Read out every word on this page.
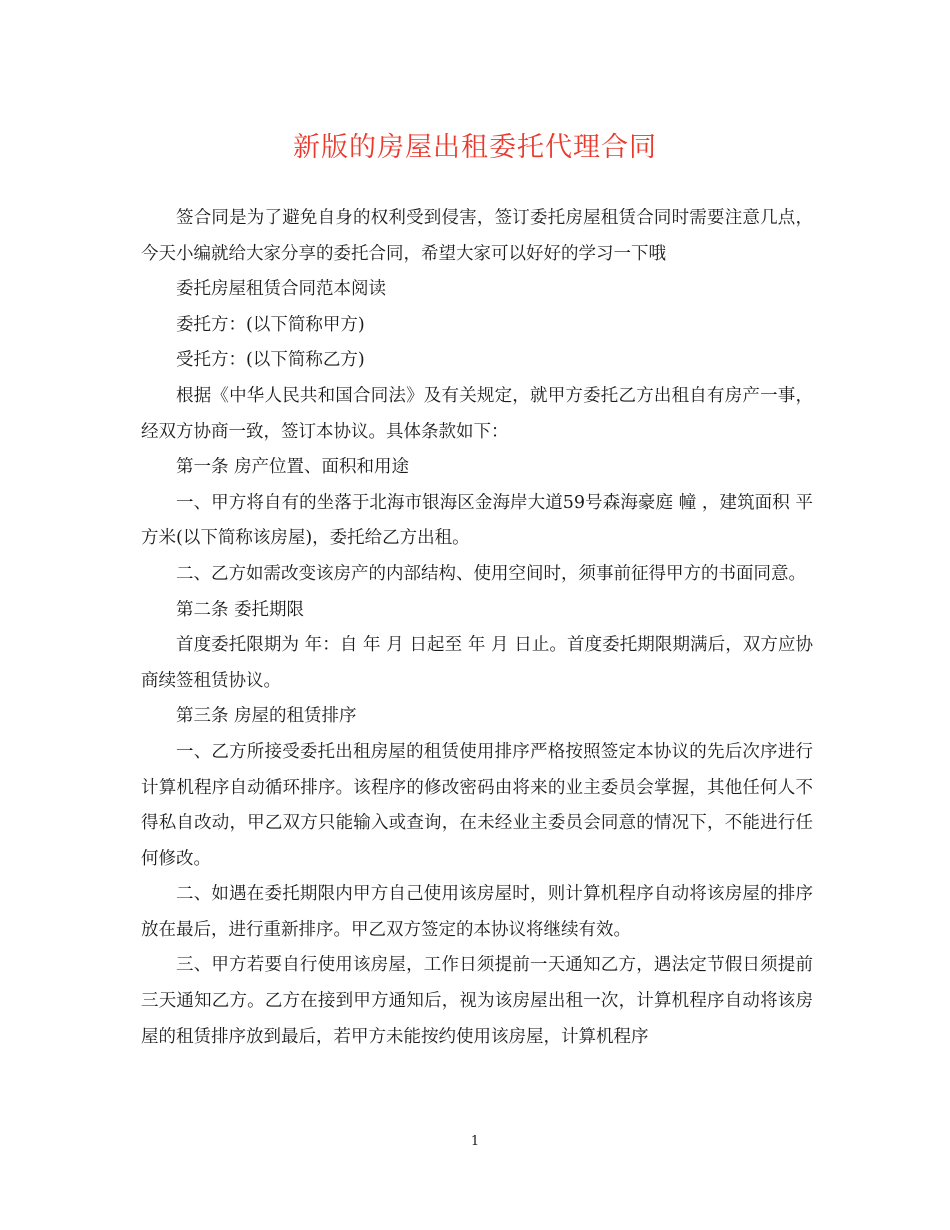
新版的房屋出租委托代理合同

签合同是为了避免自身的权利受到侵害，签订委托房屋租赁合同时需要注意几点，今天小编就给大家分享的委托合同，希望大家可以好好的学习一下哦

委托房屋租赁合同范本阅读

委托方：(以下简称甲方)

受托方：(以下简称乙方)

根据《中华人民共和国合同法》及有关规定，就甲方委托乙方出租自有房产一事，经双方协商一致，签订本协议。具体条款如下：

第一条 房产位置、面积和用途

一、甲方将自有的坐落于北海市银海区金海岸大道59号森海豪庭 幢 ，建筑面积 平方米(以下简称该房屋)，委托给乙方出租。

二、乙方如需改变该房产的内部结构、使用空间时，须事前征得甲方的书面同意。

第二条 委托期限

首度委托限期为 年：自 年 月 日起至 年 月 日止。首度委托期限期满后，双方应协商续签租赁协议。

第三条 房屋的租赁排序

一、乙方所接受委托出租房屋的租赁使用排序严格按照签定本协议的先后次序进行计算机程序自动循环排序。该程序的修改密码由将来的业主委员会掌握，其他任何人不得私自改动，甲乙双方只能输入或查询，在未经业主委员会同意的情况下，不能进行任何修改。

二、如遇在委托期限内甲方自己使用该房屋时，则计算机程序自动将该房屋的排序放在最后，进行重新排序。甲乙双方签定的本协议将继续有效。

三、甲方若要自行使用该房屋，工作日须提前一天通知乙方，遇法定节假日须提前三天通知乙方。乙方在接到甲方通知后，视为该房屋出租一次，计算机程序自动将该房屋的租赁排序放到最后，若甲方未能按约使用该房屋，计算机程序

1
